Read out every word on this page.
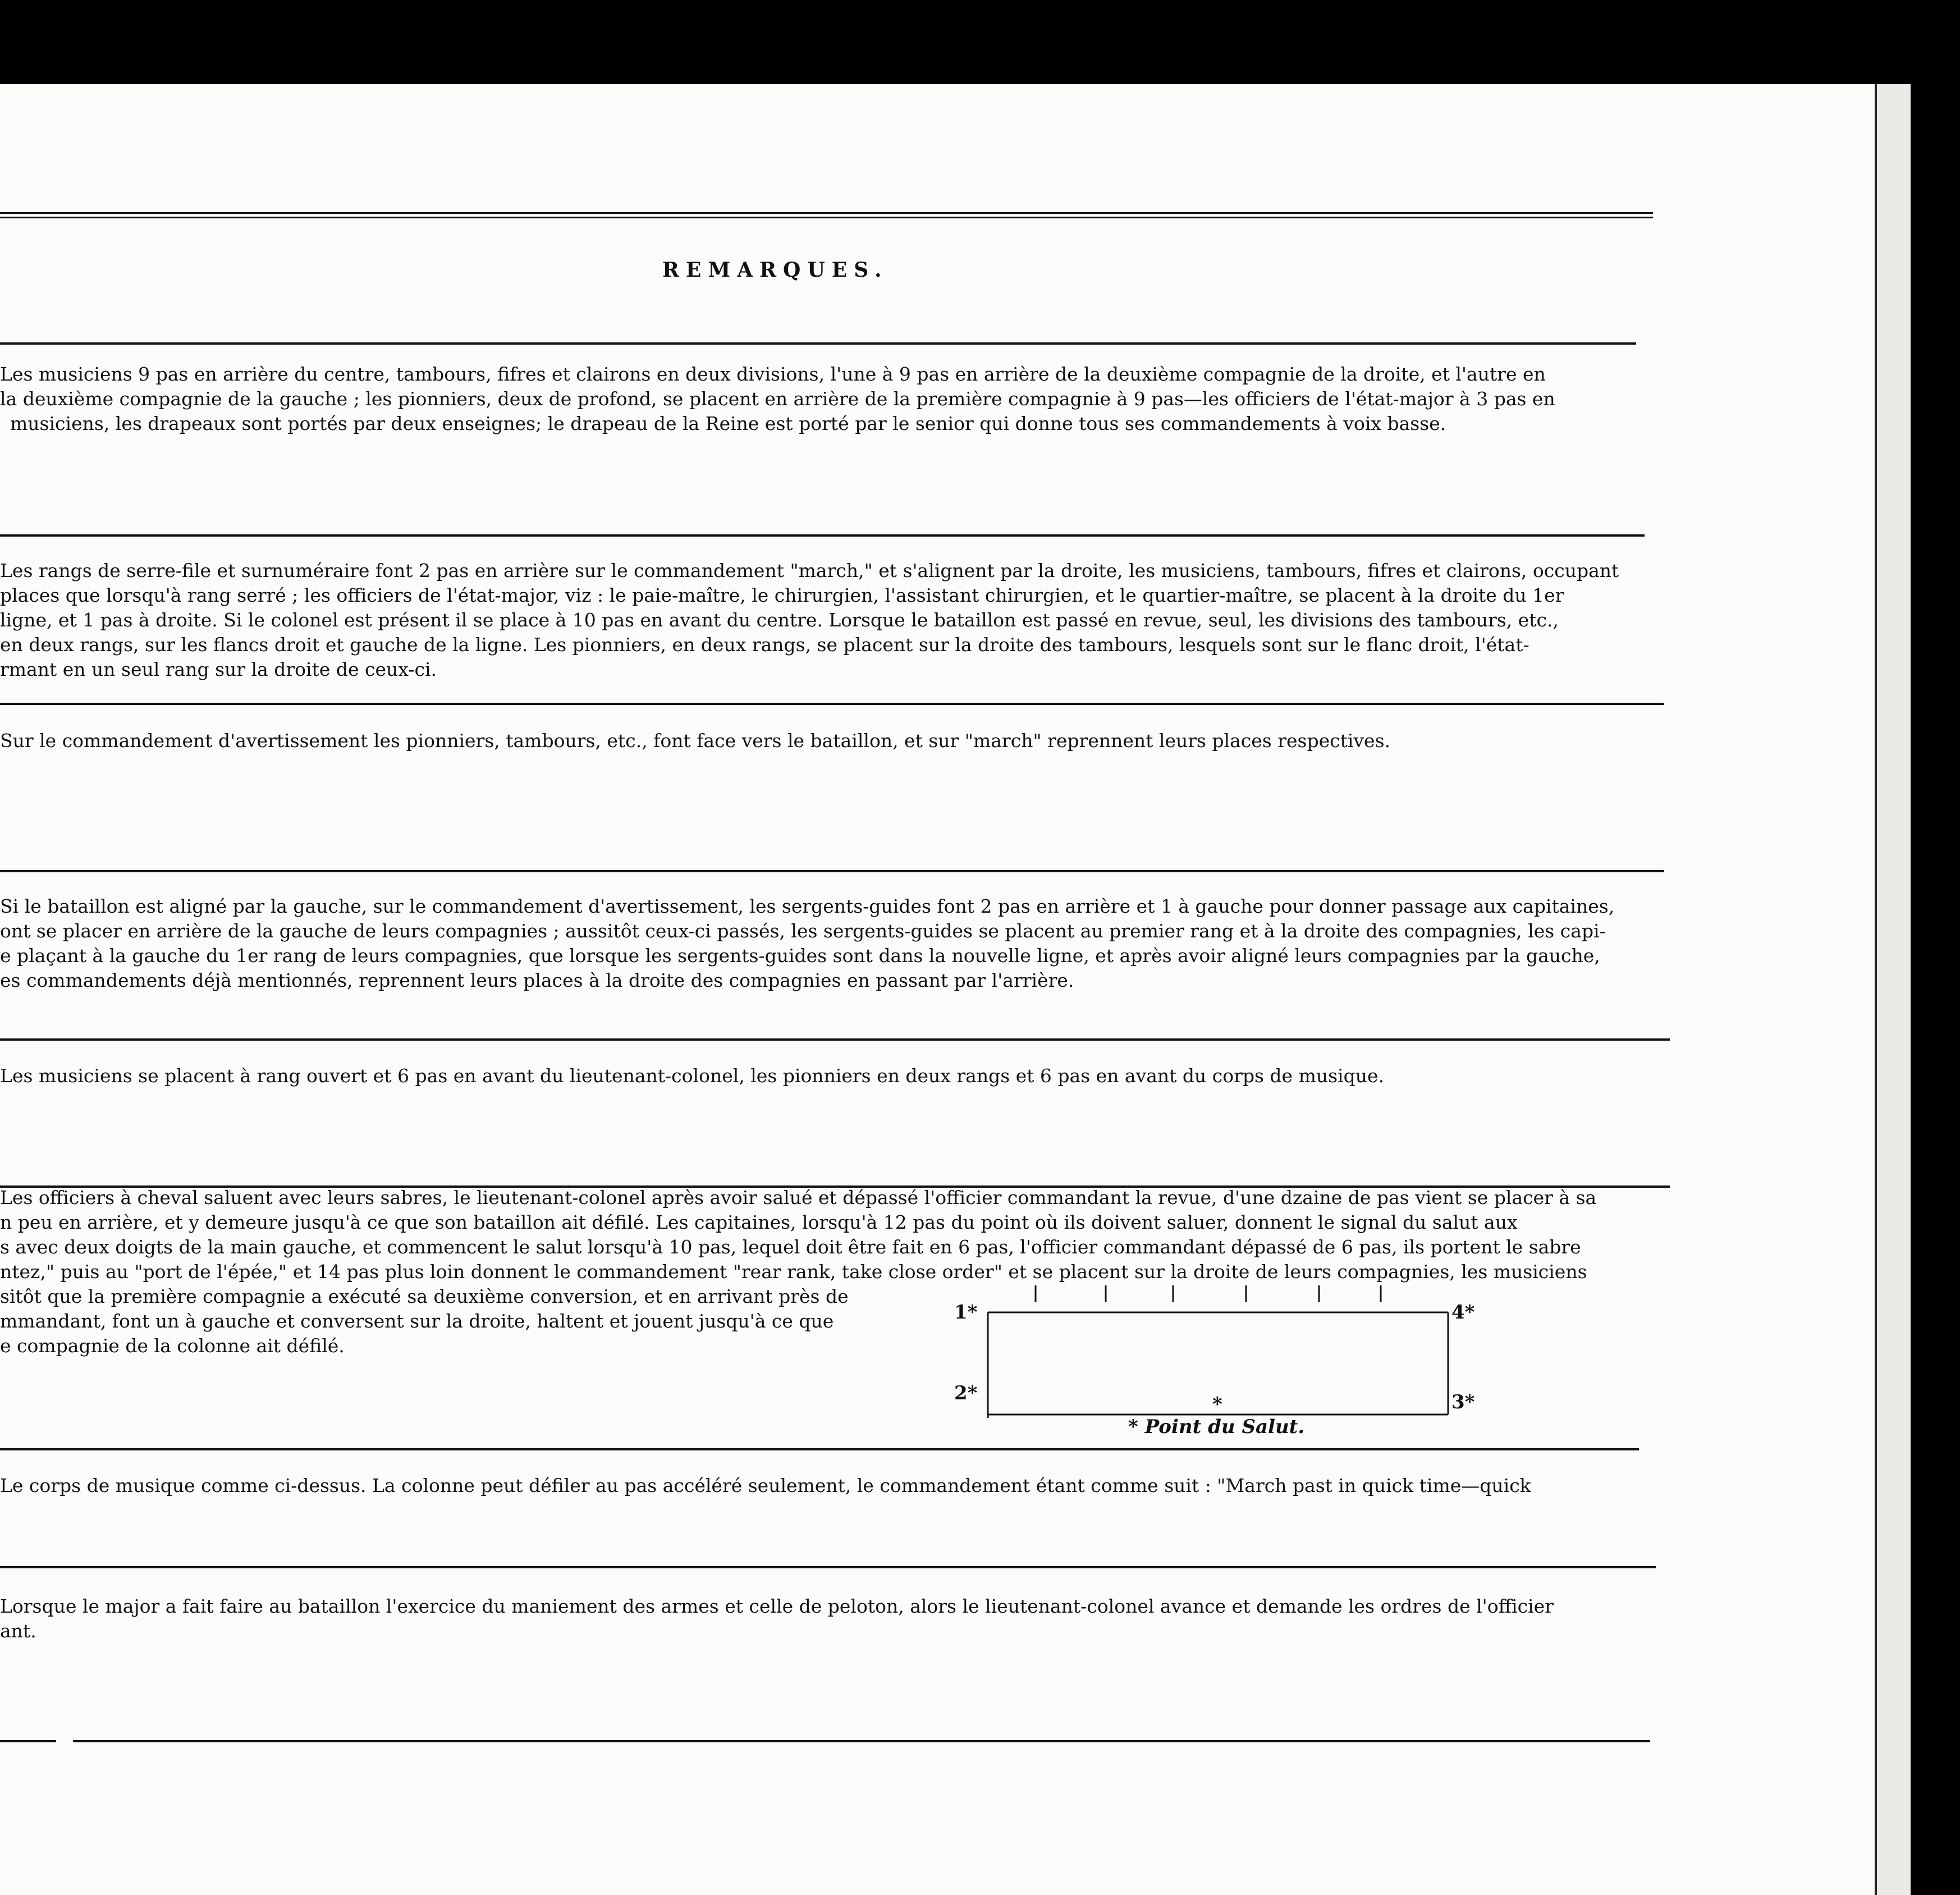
REMARQUES.

Les musiciens 9 pas en arrière du centre, tambours, fifres et clairons en deux divisions, l'une à 9 pas en arrière de la deuxième compagnie de la droite, et l'autre en

la deuxième compagnie de la gauche ; les pionniers, deux de profond, se placent en arrière de la première compagnie à 9 pas—les officiers de l'état-major à 3 pas en

musiciens, les drapeaux sont portés par deux enseignes; le drapeau de la Reine est porté par le senior qui donne tous ses commandements à voix basse.

Les rangs de serre-file et surnuméraire font 2 pas en arrière sur le commandement "march," et s'alignent par la droite, les musiciens, tambours, fifres et clairons, occupant

places que lorsqu'à rang serré ; les officiers de l'état-major, viz : le paie-maître, le chirurgien, l'assistant chirurgien, et le quartier-maître, se placent à la droite du 1er

ligne, et 1 pas à droite. Si le colonel est présent il se place à 10 pas en avant du centre. Lorsque le bataillon est passé en revue, seul, les divisions des tambours, etc.,

en deux rangs, sur les flancs droit et gauche de la ligne. Les pionniers, en deux rangs, se placent sur la droite des tambours, lesquels sont sur le flanc droit, l'état-

rmant en un seul rang sur la droite de ceux-ci.

Sur le commandement d'avertissement les pionniers, tambours, etc., font face vers le bataillon, et sur "march" reprennent leurs places respectives.

Si le bataillon est aligné par la gauche, sur le commandement d'avertissement, les sergents-guides font 2 pas en arrière et 1 à gauche pour donner passage aux capitaines,

ont se placer en arrière de la gauche de leurs compagnies ; aussitôt ceux-ci passés, les sergents-guides se placent au premier rang et à la droite des compagnies, les capi-

e plaçant à la gauche du 1er rang de leurs compagnies, que lorsque les sergents-guides sont dans la nouvelle ligne, et après avoir aligné leurs compagnies par la gauche,

es commandements déjà mentionnés, reprennent leurs places à la droite des compagnies en passant par l'arrière.

Les musiciens se placent à rang ouvert et 6 pas en avant du lieutenant-colonel, les pionniers en deux rangs et 6 pas en avant du corps de musique.

Les officiers à cheval saluent avec leurs sabres, le lieutenant-colonel après avoir salué et dépassé l'officier commandant la revue, d'une dzaine de pas vient se placer à sa

n peu en arrière, et y demeure jusqu'à ce que son bataillon ait défilé. Les capitaines, lorsqu'à 12 pas du point où ils doivent saluer, donnent le signal du salut aux

s avec deux doigts de la main gauche, et commencent le salut lorsqu'à 10 pas, lequel doit être fait en 6 pas, l'officier commandant dépassé de 6 pas, ils portent le sabre

ntez," puis au "port de l'épée," et 14 pas plus loin donnent le commandement "rear rank, take close order" et se placent sur la droite de leurs compagnies, les musiciens

sitôt que la première compagnie a exécuté sa deuxième conversion, et en arrivant près de

mmandant, font un à gauche et conversent sur la droite, haltent et jouent jusqu'à ce que

e compagnie de la colonne ait défilé.

1*
2*	3*
4*
*
* Point du Salut.

Le corps de musique comme ci-dessus. La colonne peut défiler au pas accéléré seulement, le commandement étant comme suit : "March past in quick time—quick

Lorsque le major a fait faire au bataillon l'exercice du maniement des armes et celle de peloton, alors le lieutenant-colonel avance et demande les ordres de l'officier

ant.
